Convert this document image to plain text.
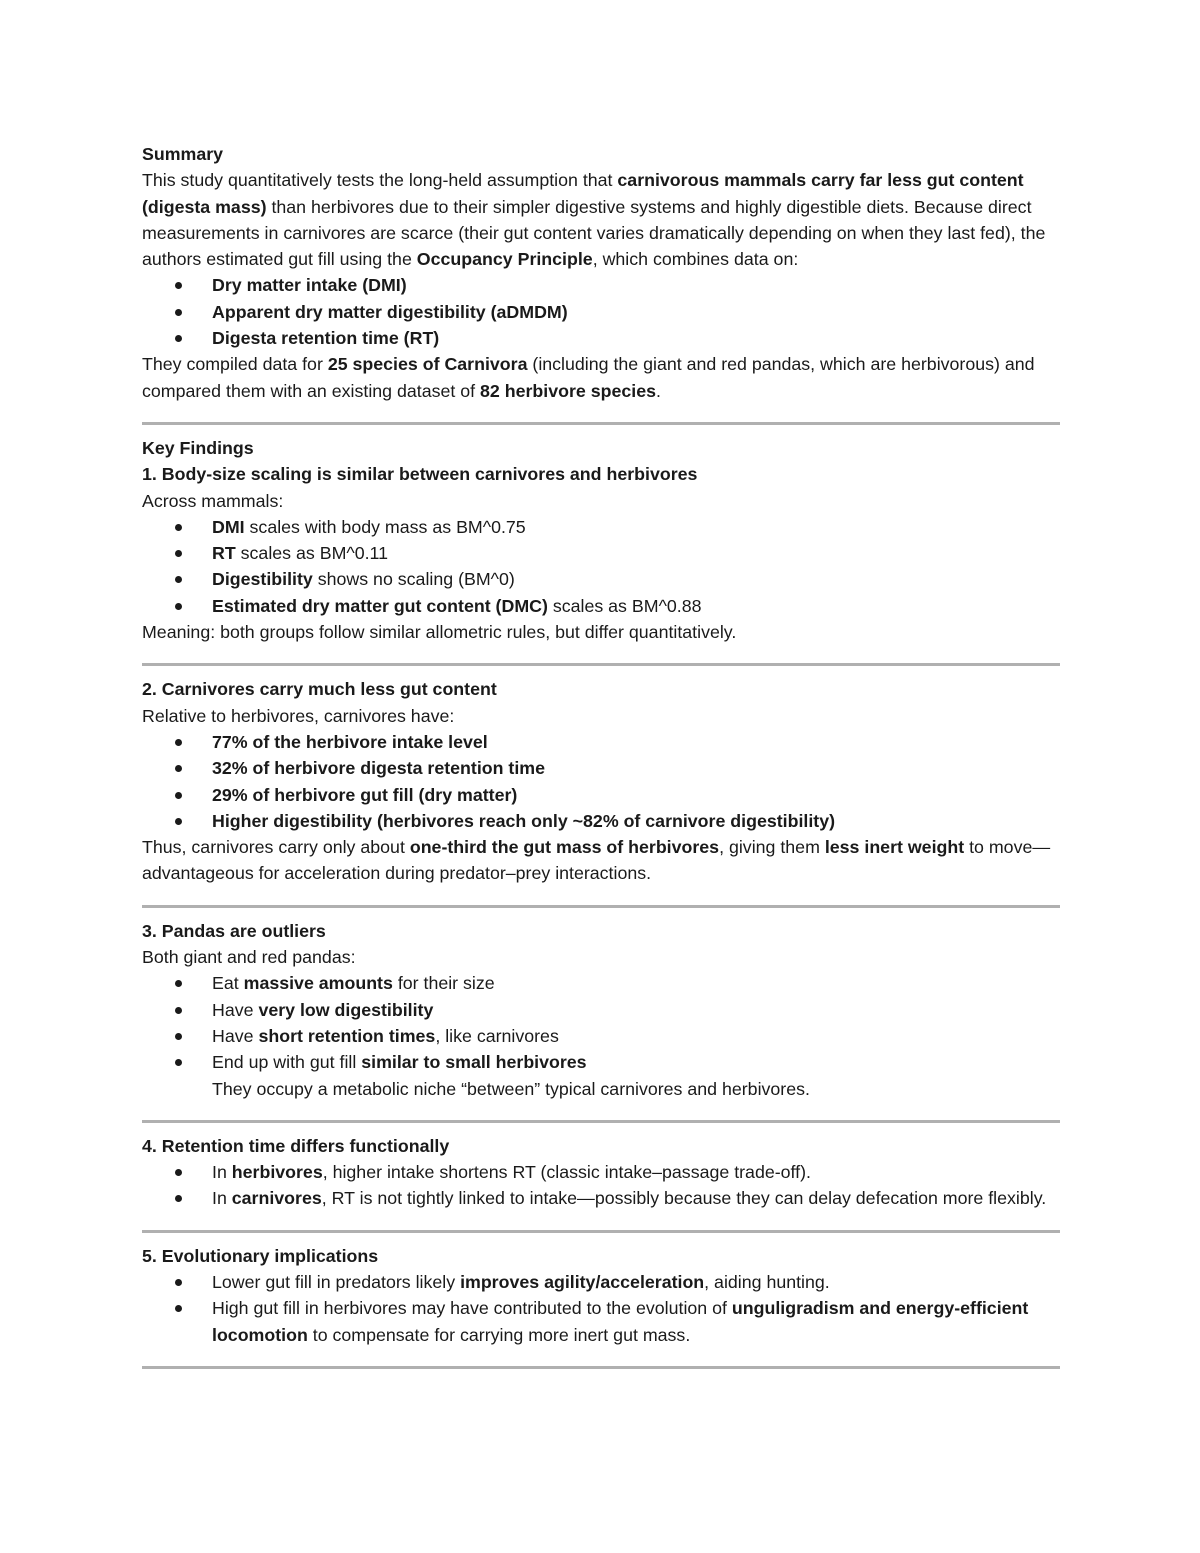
Summary

This study quantitatively tests the long-held assumption that carnivorous mammals carry far less gut content (digesta mass) than herbivores due to their simpler digestive systems and highly digestible diets. Because direct measurements in carnivores are scarce (their gut content varies dramatically depending on when they last fed), the authors estimated gut fill using the Occupancy Principle, which combines data on:

Dry matter intake (DMI)
Apparent dry matter digestibility (aDMDM)
Digesta retention time (RT)

They compiled data for 25 species of Carnivora (including the giant and red pandas, which are herbivorous) and compared them with an existing dataset of 82 herbivore species.

Key Findings

1. Body-size scaling is similar between carnivores and herbivores

Across mammals:

DMI scales with body mass as BM^0.75
RT scales as BM^0.11
Digestibility shows no scaling (BM^0)
Estimated dry matter gut content (DMC) scales as BM^0.88

Meaning: both groups follow similar allometric rules, but differ quantitatively.

2. Carnivores carry much less gut content

Relative to herbivores, carnivores have:

77% of the herbivore intake level
32% of herbivore digesta retention time
29% of herbivore gut fill (dry matter)
Higher digestibility (herbivores reach only ~82% of carnivore digestibility)

Thus, carnivores carry only about one-third the gut mass of herbivores, giving them less inert weight to move—advantageous for acceleration during predator–prey interactions.

3. Pandas are outliers

Both giant and red pandas:

Eat massive amounts for their size
Have very low digestibility
Have short retention times, like carnivores
End up with gut fill similar to small herbivores

They occupy a metabolic niche “between” typical carnivores and herbivores.

4. Retention time differs functionally

In herbivores, higher intake shortens RT (classic intake–passage trade-off).
In carnivores, RT is not tightly linked to intake—possibly because they can delay defecation more flexibly.

5. Evolutionary implications

Lower gut fill in predators likely improves agility/acceleration, aiding hunting.
High gut fill in herbivores may have contributed to the evolution of unguligradism and energy-efficient locomotion to compensate for carrying more inert gut mass.
